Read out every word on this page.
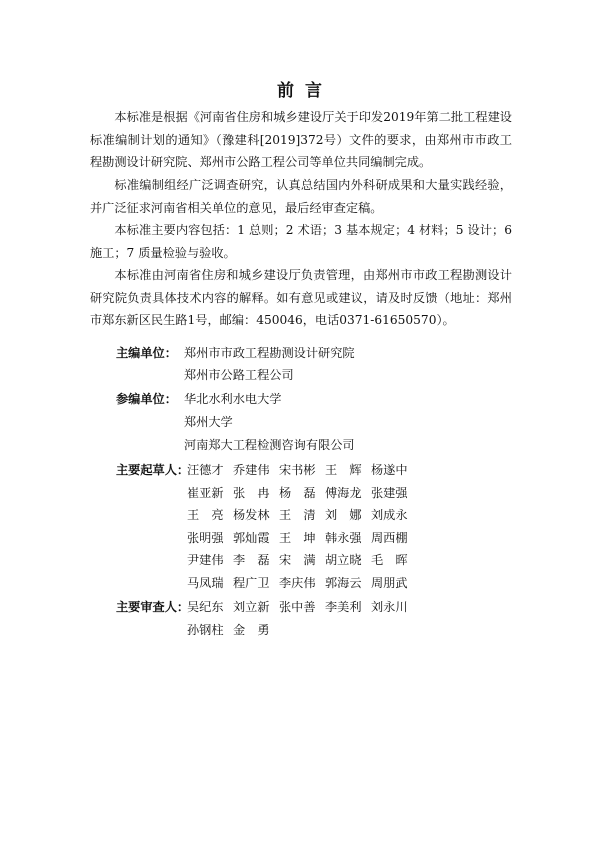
前 言
本标准是根据《河南省住房和城乡建设厅关于印发2019年第二批工程建设标准编制计划的通知》（豫建科[2019]372号）文件的要求，由郑州市市政工程勘测设计研究院、郑州市公路工程公司等单位共同编制完成。
标准编制组经广泛调查研究，认真总结国内外科研成果和大量实践经验，并广泛征求河南省相关单位的意见，最后经审查定稿。
本标准主要内容包括：1 总则；2 术语；3 基本规定；4 材料；5 设计；6 施工；7 质量检验与验收。
本标准由河南省住房和城乡建设厅负责管理，由郑州市市政工程勘测设计研究院负责具体技术内容的解释。如有意见或建议，请及时反馈（地址：郑州市郑东新区民生路1号，邮编：450046，电话0371-61650570）。
主编单位： 郑州市市政工程勘测设计研究院
郑州市公路工程公司
参编单位： 华北水利水电大学
郑州大学
河南郑大工程检测咨询有限公司
主要起草人：
汪德才 乔建伟 宋书彬 王　辉 杨遂中
崔亚新 张　冉 杨　磊 傅海龙 张建强
王　亮 杨发林 王　清 刘　娜 刘成永
张明强 郭灿霞 王　坤 韩永强 周西棚
尹建伟 李　磊 宋　满 胡立晓 毛　晖
马凤瑞 程广卫 李庆伟 郭海云 周朋武
主要审查人：
吴纪东 刘立新 张中善 李美利 刘永川
孙钢柱 金　勇
